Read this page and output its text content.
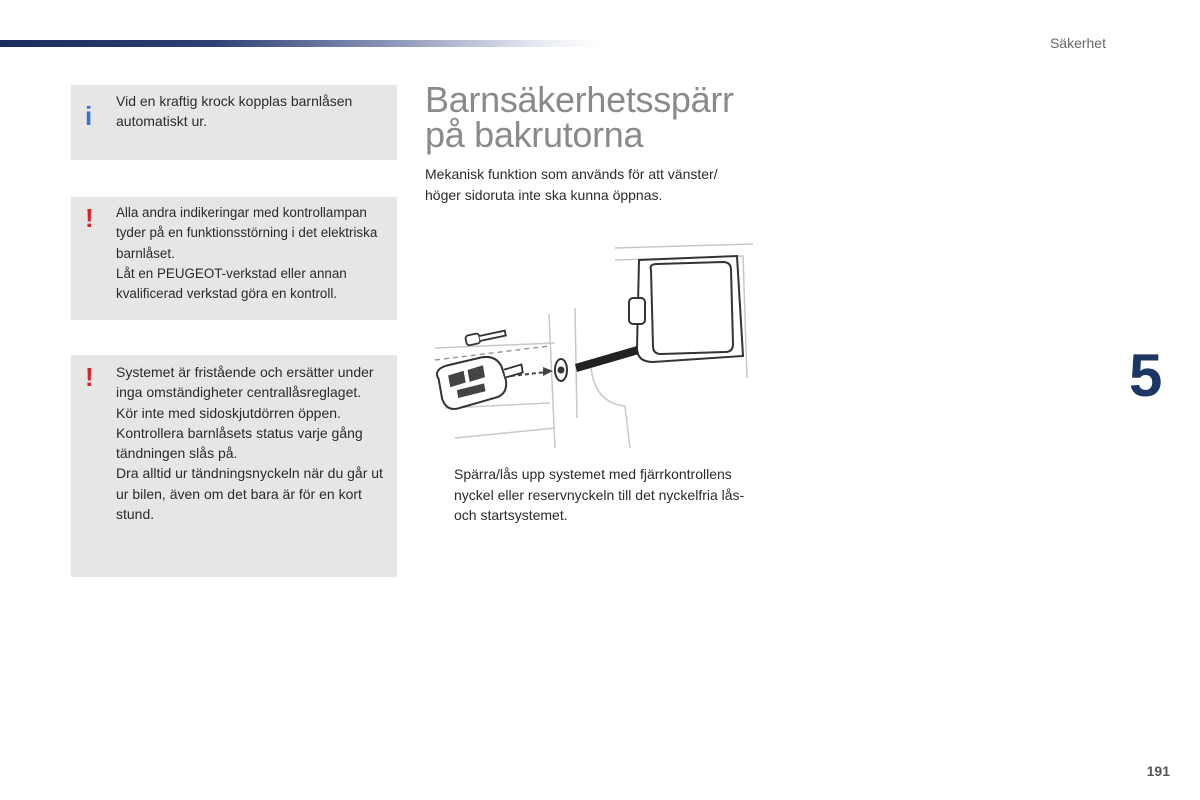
Säkerhet
i Vid en kraftig krock kopplas barnlåsen automatiskt ur.

! Alla andra indikeringar med kontrollampan tyder på en funktionsstörning i det elektriska barnlåset.

Låt en PEUGEOT-verkstad eller annan kvalificerad verkstad göra en kontroll.

! Systemet är fristående och ersätter under inga omständigheter centrallåsreglaget.

Kör inte med sidoskjutdörren öppen.

Kontrollera barnlåsets status varje gång tändningen slås på.

Dra alltid ur tändningsnyckeln när du går ut ur bilen, även om det bara är för en kort stund.

Barnsäkerhetsspärr
på bakrutorna

Mekanisk funktion som används för att vänster/ höger sidoruta inte ska kunna öppnas.

Spärra/lås upp systemet med fjärrkontrollens nyckel eller reservnyckeln till det nyckelfria lås- och startsystemet.
5
191
